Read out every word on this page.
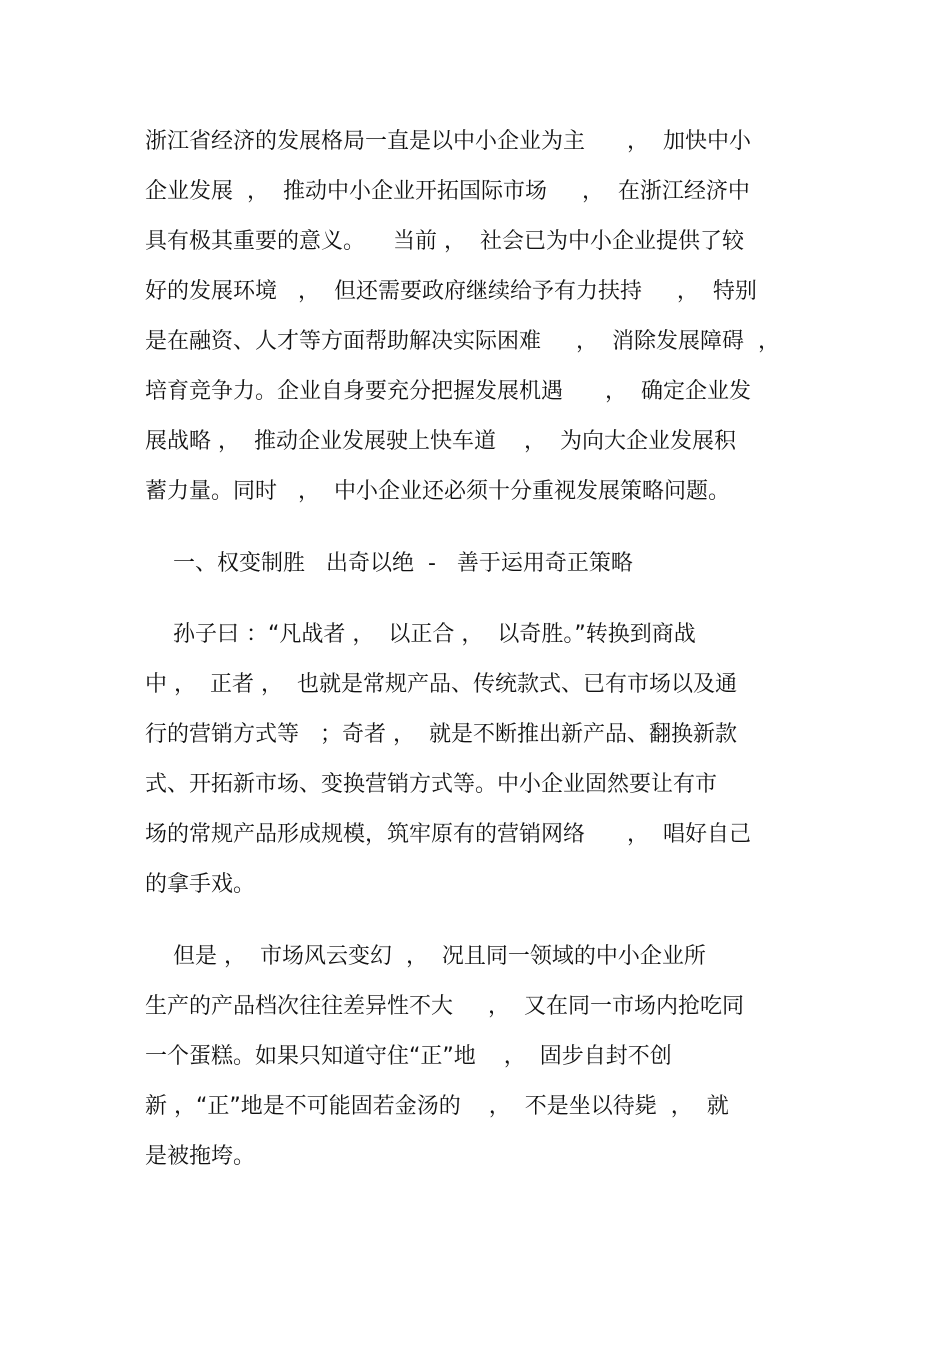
浙江省经济的发展格局一直是以中小企业为主      ，  加快中小
企业发展  ，  推动中小企业开拓国际市场     ，  在浙江经济中
具有极其重要的意义。    当前 ，  社会已为中小企业提供了较
好的发展环境   ，  但还需要政府继续给予有力扶持     ，  特别
是在融资、人才等方面帮助解决实际困难     ，  消除发展障碍  ，
培育竞争力。企业自身要充分把握发展机遇      ，  确定企业发
展战略 ，  推动企业发展驶上快车道    ，  为向大企业发展积
蓄力量。同时   ，  中小企业还必须十分重视发展策略问题。
一、权变制胜   出奇以绝  -   善于运用奇正策略
孙子曰 ：“凡战者 ，  以正合 ，  以奇胜。”转换到商战
中 ，  正者 ，  也就是常规产品、传统款式、已有市场以及通
行的营销方式等   ；奇者 ，  就是不断推出新产品、翻换新款
式、开拓新市场、变换营销方式等。中小企业固然要让有市
场的常规产品形成规模，筑牢原有的营销网络      ，  唱好自己
的拿手戏。
但是 ，  市场风云变幻  ，  况且同一领域的中小企业所
生产的产品档次往往差异性不大     ，  又在同一市场内抢吃同
一个蛋糕。如果只知道守住“正”地    ，  固步自封不创
新 ，“正”地是不可能固若金汤的    ，  不是坐以待毙  ，  就
是被拖垮。
